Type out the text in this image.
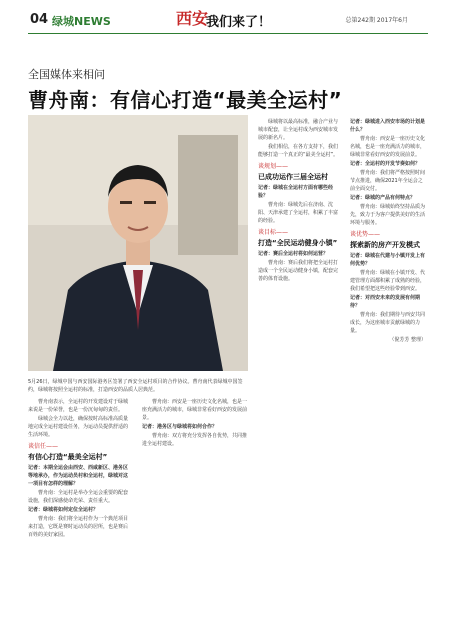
04 绿城NEWS	西安
我们来了！	总第242期 2017年6月
全国媒体来相问
曹舟南：有信心打造“最美全运村”
5月26日，绿城中国与西安国际港务区签署了西安全运村项目的合作协议。曹舟南代表绿城中国签约，绿城将按照全运村的标准，打造西安的品质人居典范。

曹舟南表示，全运村的开发建设对于绿城来说是一份荣誉，也是一份沉甸甸的责任。

绿城会全力以赴，确保按时高标准高质量地完成全运村建设任务，为运动员提供舒适的生活环境。

谈信任——
有信心打造“最美全运村”

记者：本期全运会由西安、西咸新区、港务区等地承办，作为运动员村和全运村，绿城对这一项目有怎样的理解？

曹舟南：全运村是举办全运会重要的配套设施，我们深感使命光荣、责任重大。

记者：绿城将如何定位全运村？

曹舟南：我们将全运村作为一个典范项目来打造，它既是赛时运动员的居所，也是赛后百姓的美好家园。

曹舟南：西安是一座历史文化名城，也是一座充满活力的城市，绿城非常看好西安的发展前景。

记者：港务区与绿城将如何合作？

曹舟南：双方将充分发挥各自优势，共同推进全运村建设。

绿城将以最高标准，融合产业与城市配套，让全运村成为西安城市发展的新名片。

我们相信，在各方支持下，我们能够打造一个真正的“最美全运村”。

谈规划——
已成功运作三届全运村

记者：绿城在全运村方面有哪些经验？

曹舟南：绿城先后在济南、沈阳、天津承建了全运村，积累了丰富的经验。

谈目标——
打造“全民运动健身小镇”

记者：赛后全运村将如何运营？

曹舟南：赛后我们将把全运村打造成一个全民运动健身小镇，配套完善的体育设施。

记者：绿城进入西安市场的计划是什么？

曹舟南：西安是一座历史文化名城，也是一座充满活力的城市，绿城非常看好西安的发展前景。

记者：全运村的开发节奏如何？

曹舟南：我们将严格按照时间节点推进，确保2021年全运会之前全面交付。

记者：绿城的产品有何特点？

曹舟南：绿城始终坚持品质为先，致力于为客户提供美好的生活环境与服务。

谈优势——
探索新的房产开发模式

记者：绿城在代建与小镇开发上有何优势？

曹舟南：绿城在小镇开发、代建管理方面都积累了成熟的经验，我们希望把这些经验带到西安。

记者：对西安未来的发展有何期待？

曹舟南：我们期待与西安共同成长，为这座城市贡献绿城的力量。

（倪芳芳 整理）
